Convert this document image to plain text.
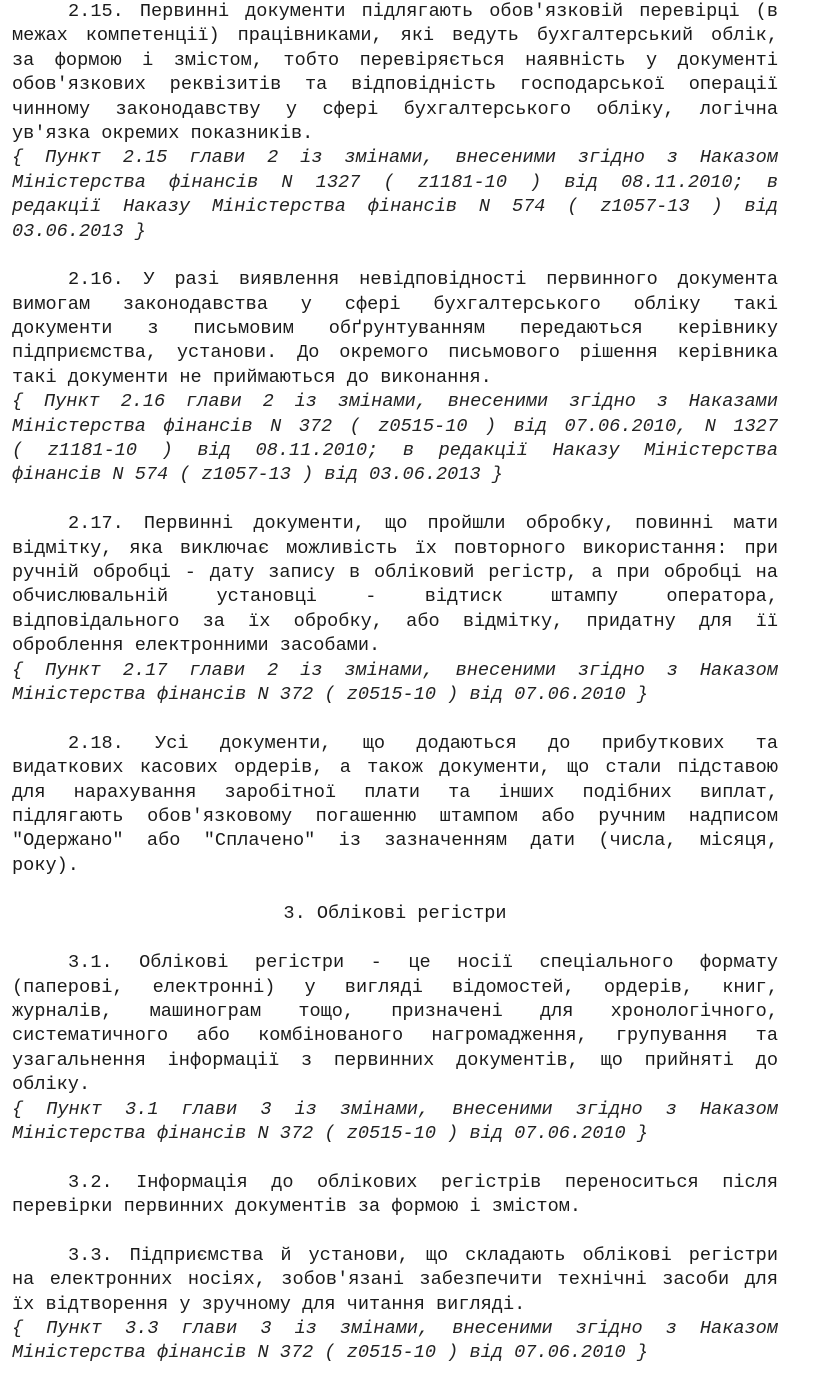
2.15. Первинні документи підлягають обов'язковій перевірці (в
межах компетенції) працівниками, які ведуть бухгалтерський облік,
за формою і змістом, тобто перевіряється наявність у документі
обов'язкових реквізитів та відповідність господарської операції
чинному законодавству у сфері бухгалтерського обліку, логічна
ув'язка окремих показників.
{ Пункт 2.15 глави 2 із змінами, внесеними згідно з Наказом
Міністерства фінансів N 1327 ( z1181-10 ) від 08.11.2010; в
редакції Наказу Міністерства фінансів N 574 ( z1057-13 ) від
03.06.2013 }
2.16. У разі виявлення невідповідності первинного документа
вимогам законодавства у сфері бухгалтерського обліку такі
документи з письмовим обґрунтуванням передаються керівнику
підприємства, установи. До окремого письмового рішення керівника
такі документи не приймаються до виконання.
{ Пункт 2.16 глави 2 із змінами, внесеними згідно з Наказами
Міністерства фінансів N 372 ( z0515-10 ) від 07.06.2010, N 1327
( z1181-10 ) від 08.11.2010; в редакції Наказу Міністерства
фінансів N 574 ( z1057-13 ) від 03.06.2013 }
2.17. Первинні документи, що пройшли обробку, повинні мати
відмітку, яка виключає можливість їх повторного використання: при
ручній обробці - дату запису в обліковий регістр, а при обробці на
обчислювальній установці - відтиск штампу оператора,
відповідального за їх обробку, або відмітку, придатну для її
оброблення електронними засобами.
{ Пункт 2.17 глави 2 із змінами, внесеними згідно з Наказом
Міністерства фінансів N 372 ( z0515-10 ) від 07.06.2010 }
2.18. Усі документи, що додаються до прибуткових та
видаткових касових ордерів, а також документи, що стали підставою
для нарахування заробітної плати та інших подібних виплат,
підлягають обов'язковому погашенню штампом або ручним надписом
"Одержано" або "Сплачено" із зазначенням дати (числа, місяця,
року).
3. Облікові регістри
3.1. Облікові регістри - це носії спеціального формату
(паперові, електронні) у вигляді відомостей, ордерів, книг,
журналів, машинограм тощо, призначені для хронологічного,
систематичного або комбінованого нагромадження, групування та
узагальнення інформації з первинних документів, що прийняті до
обліку.
{ Пункт 3.1 глави 3 із змінами, внесеними згідно з Наказом
Міністерства фінансів N 372 ( z0515-10 ) від 07.06.2010 }
3.2. Інформація до облікових регістрів переноситься після
перевірки первинних документів за формою і змістом.
3.3. Підприємства й установи, що складають облікові регістри
на електронних носіях, зобов'язані забезпечити технічні засоби для
їх відтворення у зручному для читання вигляді.
{ Пункт 3.3 глави 3 із змінами, внесеними згідно з Наказом
Міністерства фінансів N 372 ( z0515-10 ) від 07.06.2010 }
